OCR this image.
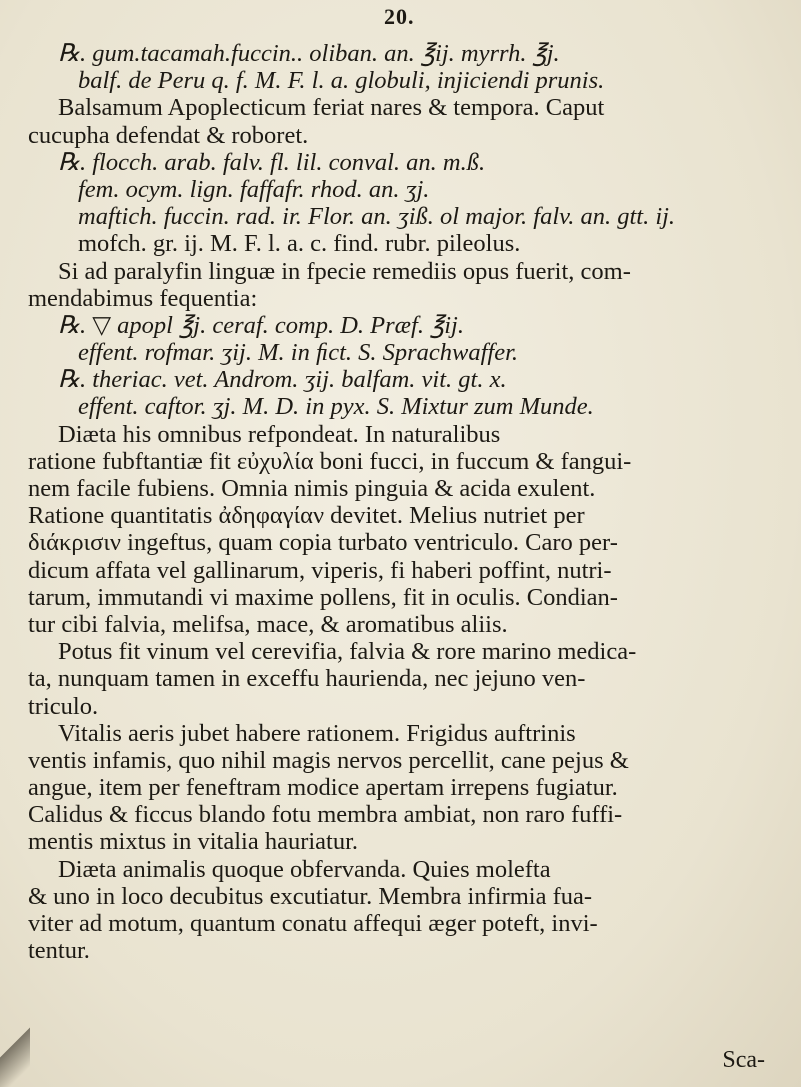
20.
℞. gum.tacamah.fuccin.. oliban. an. ℥ij. myrrh. ℥j.
balf. de Peru q. f. M. F. l. a. globuli, injiciendi prunis.
Balsamum Apoplecticum feriat nares & tempora. Caput
cucupha defendat & roboret.
℞. flocch. arab. falv. fl. lil. conval. an. m.ß.
fem. ocym. lign. faffafr. rhod. an. ʒj.
maftich. fuccin. rad. ir. Flor. an. ʒiß. ol major. falv. an. gtt. ij.
mofch. gr. ij. M. F. l. a. c. find. rubr. pileolus.
Si ad paralyfin linguæ in fpecie remediis opus fuerit, com-
mendabimus fequentia:
℞. ▽ apopl ℥j. ceraf. comp. D. Præf. ℥ij.
effent. rofmar. ʒij. M. in ﬁct. S. Sprachwaffer.
℞. theriac. vet. Androm. ʒij. balfam. vit. gt. x.
effent. caftor. ʒj. M. D. in pyx. S. Mixtur zum Munde.
Diæta his omnibus refpondeat. In naturalibus
ratione fubftantiæ fit εὐχυλία boni fucci, in fuccum & fangui-
nem facile fubiens. Omnia nimis pinguia & acida exulent.
Ratione quantitatis ἀδηφαγίαν devitet. Melius nutriet per
διάκρισιν ingeftus, quam copia turbato ventriculo. Caro per-
dicum affata vel gallinarum, viperis, fi haberi poffint, nutri-
tarum, immutandi vi maxime pollens, fit in oculis. Condian-
tur cibi falvia, melifsa, mace, & aromatibus aliis.
Potus fit vinum vel cerevifia, falvia & rore marino medica-
ta, nunquam tamen in exceffu hauriendа, nec jejuno ven-
triculo.
Vitalis aeris jubet habere rationem. Frigidus auftrinis
ventis infamis, quo nihil magis nervos percellit, cane pejus &
angue, item per feneftram modice apertam irrepens fugiatur.
Calidus & ficcus blando fotu membra ambiat, non raro fuffi-
mentis mixtus in vitalia hauriatur.
Diæta animalis quoque obfervanda. Quies molefta
& uno in loco decubitus excutiatur. Membra infirmia fua-
viter ad motum, quantum conatu affequi æger poteft, invi-
tentur.
Sca-
